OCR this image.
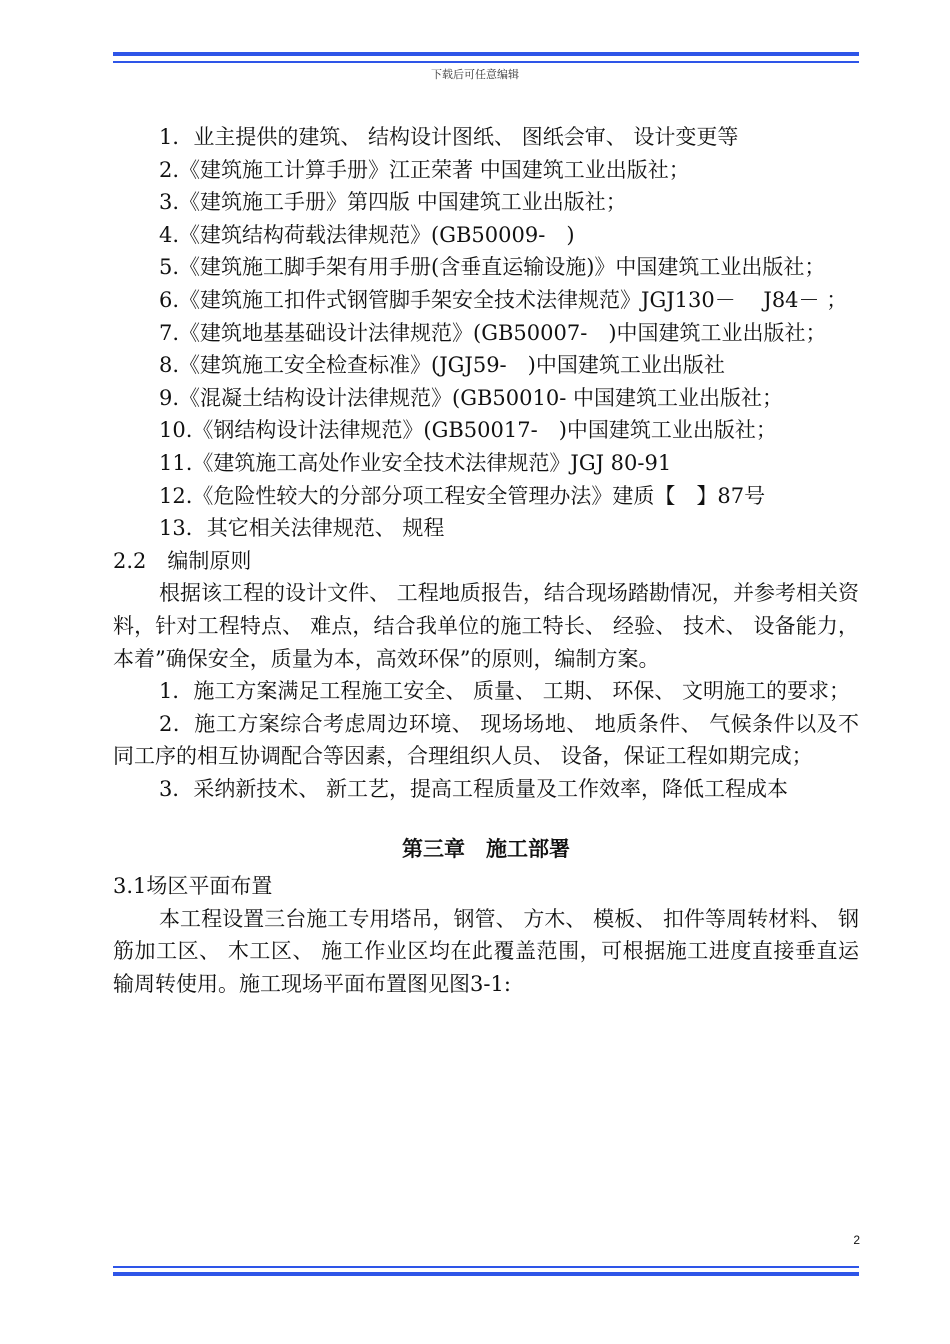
下载后可任意编辑

1．业主提供的建筑、 结构设计图纸、 图纸会审、 设计变更等

2.《建筑施工计算手册》江正荣著 中国建筑工业出版社；

3.《建筑施工手册》第四版 中国建筑工业出版社；

4.《建筑结构荷载法律规范》(GB50009-　)

5.《建筑施工脚手架有用手册(含垂直运输设施)》中国建筑工业出版社；

6.《建筑施工扣件式钢管脚手架安全技术法律规范》JGJ130－　 J84－ ；

7.《建筑地基基础设计法律规范》(GB50007-　)中国建筑工业出版社；

8.《建筑施工安全检查标准》(JGJ59-　)中国建筑工业出版社

9.《混凝土结构设计法律规范》(GB50010- 中国建筑工业出版社；

10.《钢结构设计法律规范》(GB50017-　)中国建筑工业出版社；

11.《建筑施工高处作业安全技术法律规范》JGJ 80-91

12.《危险性较大的分部分项工程安全管理办法》建质【　】87号

13．其它相关法律规范、 规程

2.2　编制原则

根据该工程的设计文件、 工程地质报告，结合现场踏勘情况，并参考相关资料，针对工程特点、 难点，结合我单位的施工特长、 经验、 技术、 设备能力，本着”确保安全，质量为本，高效环保”的原则，编制方案。

1．施工方案满足工程施工安全、 质量、 工期、 环保、 文明施工的要求；

2．施工方案综合考虑周边环境、 现场场地、 地质条件、 气候条件以及不同工序的相互协调配合等因素，合理组织人员、 设备，保证工程如期完成；

3．采纳新技术、 新工艺，提高工程质量及工作效率，降低工程成本

第三章　施工部署

3.1场区平面布置

本工程设置三台施工专用塔吊，钢管、 方木、 模板、 扣件等周转材料、 钢筋加工区、 木工区、 施工作业区均在此覆盖范围，可根据施工进度直接垂直运输周转使用。施工现场平面布置图见图3-1:

2
